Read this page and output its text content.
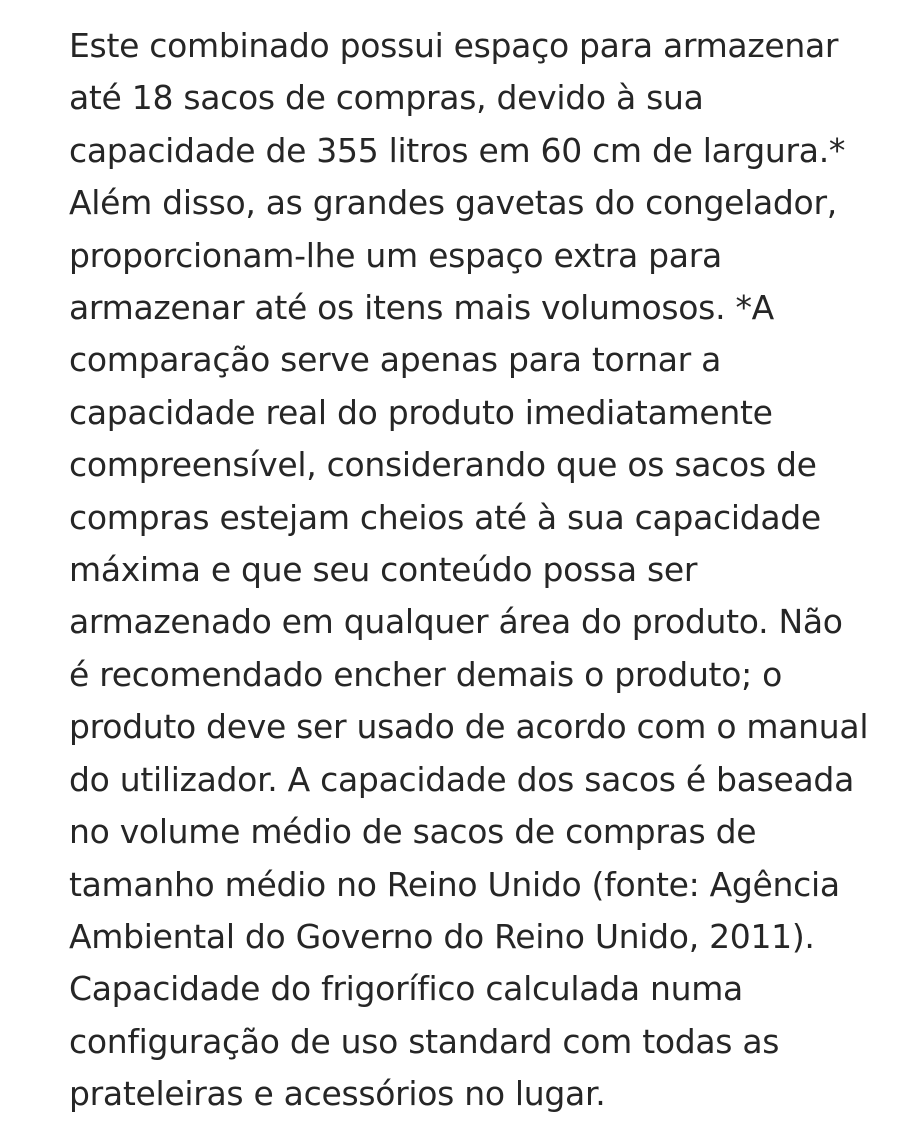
Este combinado possui espaço para armazenar
até 18 sacos de compras, devido à sua
capacidade de 355 litros em 60 cm de largura.*
Além disso, as grandes gavetas do congelador,
proporcionam-lhe um espaço extra para
armazenar até os itens mais volumosos. *A
comparação serve apenas para tornar a
capacidade real do produto imediatamente
compreensível, considerando que os sacos de
compras estejam cheios até à sua capacidade
máxima e que seu conteúdo possa ser
armazenado em qualquer área do produto. Não
é recomendado encher demais o produto; o
produto deve ser usado de acordo com o manual
do utilizador. A capacidade dos sacos é baseada
no volume médio de sacos de compras de
tamanho médio no Reino Unido (fonte: Agência
Ambiental do Governo do Reino Unido, 2011).
Capacidade do frigorífico calculada numa
configuração de uso standard com todas as
prateleiras e acessórios no lugar.
